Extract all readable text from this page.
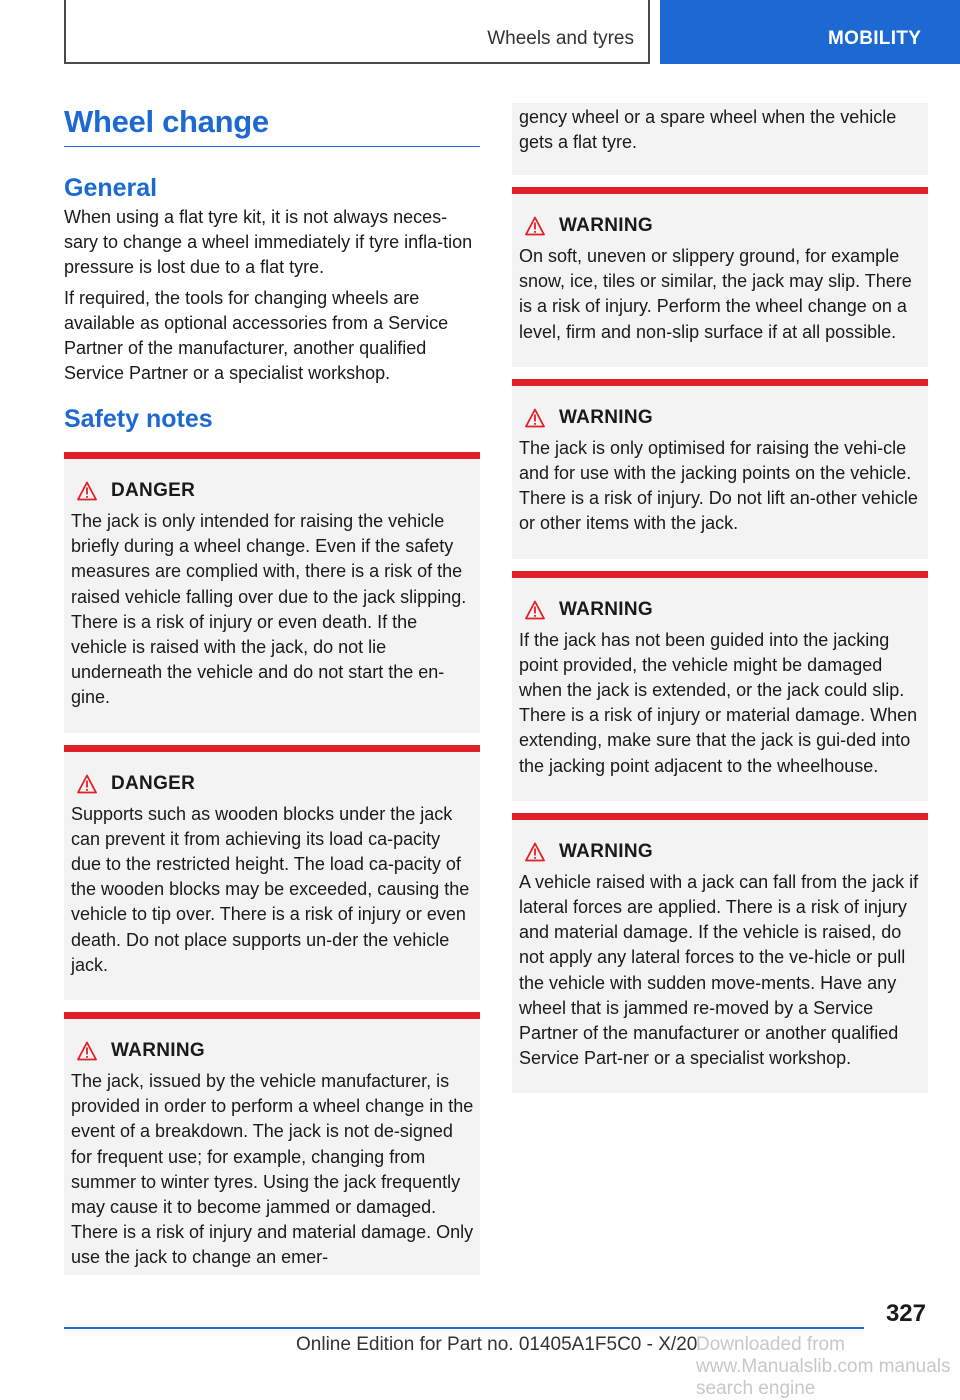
Wheels and tyres	MOBILITY
Wheel change
General

When using a flat tyre kit, it is not always neces-sary to change a wheel immediately if tyre infla-tion pressure is lost due to a flat tyre.

If required, the tools for changing wheels are available as optional accessories from a Service Partner of the manufacturer, another qualified Service Partner or a specialist workshop.

Safety notes
DANGER

The jack is only intended for raising the vehicle briefly during a wheel change. Even if the safety measures are complied with, there is a risk of the raised vehicle falling over due to the jack slipping. There is a risk of injury or even death. If the vehicle is raised with the jack, do not lie underneath the vehicle and do not start the en-gine.

DANGER

Supports such as wooden blocks under the jack can prevent it from achieving its load ca-pacity due to the restricted height. The load ca-pacity of the wooden blocks may be exceeded, causing the vehicle to tip over. There is a risk of injury or even death. Do not place supports un-der the vehicle jack.

WARNING

The jack, issued by the vehicle manufacturer, is provided in order to perform a wheel change in the event of a breakdown. The jack is not de-signed for frequent use; for example, changing from summer to winter tyres. Using the jack frequently may cause it to become jammed or damaged. There is a risk of injury and material damage. Only use the jack to change an emer-

gency wheel or a spare wheel when the vehicle gets a flat tyre.

WARNING

On soft, uneven or slippery ground, for example snow, ice, tiles or similar, the jack may slip. There is a risk of injury. Perform the wheel change on a level, firm and non-slip surface if at all possible.

WARNING

The jack is only optimised for raising the vehi-cle and for use with the jacking points on the vehicle. There is a risk of injury. Do not lift an-other vehicle or other items with the jack.

WARNING

If the jack has not been guided into the jacking point provided, the vehicle might be damaged when the jack is extended, or the jack could slip. There is a risk of injury or material damage. When extending, make sure that the jack is gui-ded into the jacking point adjacent to the wheelhouse.

WARNING

A vehicle raised with a jack can fall from the jack if lateral forces are applied. There is a risk of injury and material damage. If the vehicle is raised, do not apply any lateral forces to the ve-hicle or pull the vehicle with sudden move-ments. Have any wheel that is jammed re-moved by a Service Partner of the manufacturer or another qualified Service Part-ner or a specialist workshop.

327
Online Edition for Part no. 01405A1F5C0 - X/20
Downloaded from www.Manualslib.com manuals search engine
